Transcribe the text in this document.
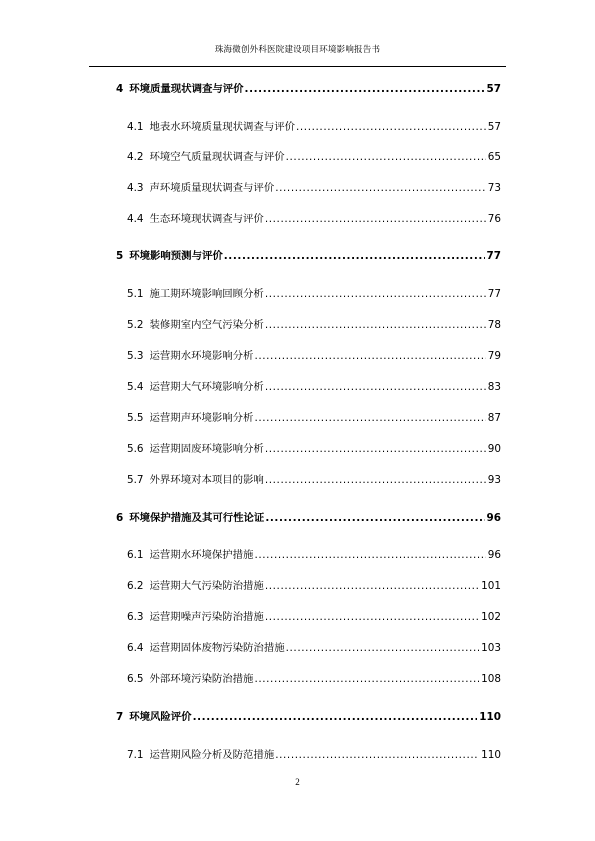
珠海微创外科医院建设项目环境影响报告书
4 环境质量现状调查与评价 .....	57
4.1 地表水环境质量现状调查与评价 .....	57
4.2 环境空气质量现状调查与评价 .....	65
4.3 声环境质量现状调查与评价 .....	73
4.4 生态环境现状调查与评价 .....	76
5 环境影响预测与评价 .....	77
5.1 施工期环境影响回顾分析 .....	77
5.2 装修期室内空气污染分析 .....	78
5.3 运营期水环境影响分析 .....	79
5.4 运营期大气环境影响分析 .....	83
5.5 运营期声环境影响分析 .....	87
5.6 运营期固废环境影响分析 .....	90
5.7 外界环境对本项目的影响 .....	93
6 环境保护措施及其可行性论证 .....	96
6.1 运营期水环境保护措施 .....	96
6.2 运营期大气污染防治措施 .....	101
6.3 运营期噪声污染防治措施 .....	102
6.4 运营期固体废物污染防治措施 .....	103
6.5 外部环境污染防治措施 .....	108
7 环境风险评价 .....	110
7.1 运营期风险分析及防范措施 .....	110
2
